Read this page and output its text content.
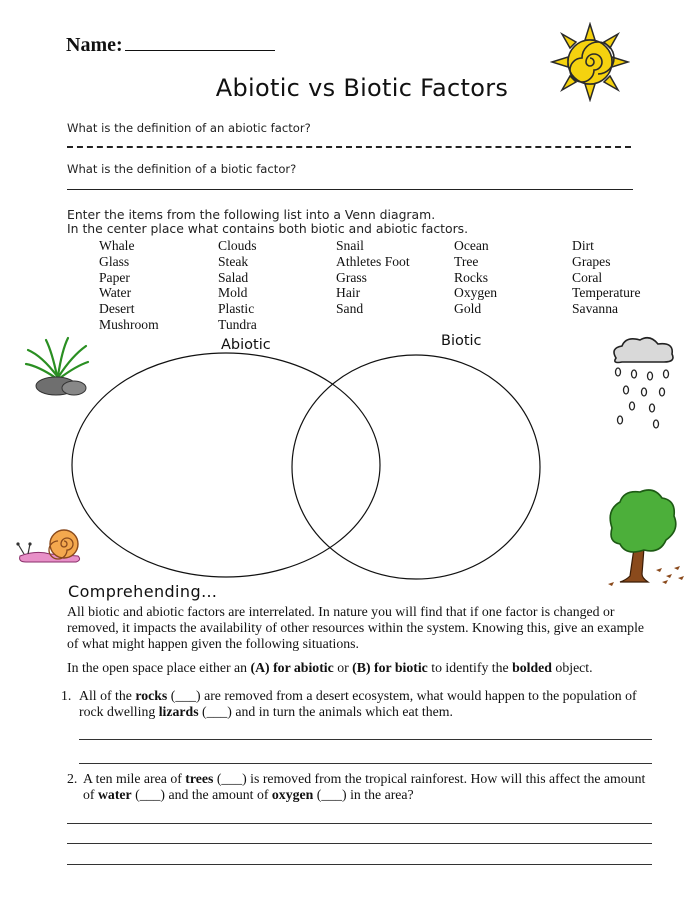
Name:
Abiotic vs Biotic Factors
What is the definition of an abiotic factor?
What is the definition of a biotic factor?
Enter the items from the following list into a Venn diagram.
In the center place what contains both biotic and abiotic factors.
Whale
Glass
Paper
Water
Desert
Mushroom
Clouds
Steak
Salad
Mold
Plastic
Tundra
Snail
Athletes Foot
Grass
Hair
Sand
Ocean
Tree
Rocks
Oxygen
Gold
Dirt
Grapes
Coral
Temperature
Savanna
Abiotic	Biotic
Comprehending…
All biotic and abiotic factors are interrelated. In nature you will find that if one factor is changed or
removed, it impacts the availability of other resources within the system. Knowing this, give an example
of what might happen given the following situations.
In the open space place either an (A) for abiotic or (B) for biotic to identify the bolded object.
1. All of the rocks (___) are removed from a desert ecosystem, what would happen to the population of
rock dwelling lizards (___) and in turn the animals which eat them.
2. A ten mile area of trees (___) is removed from the tropical rainforest. How will this affect the amount
of water (___) and the amount of oxygen (___) in the area?
